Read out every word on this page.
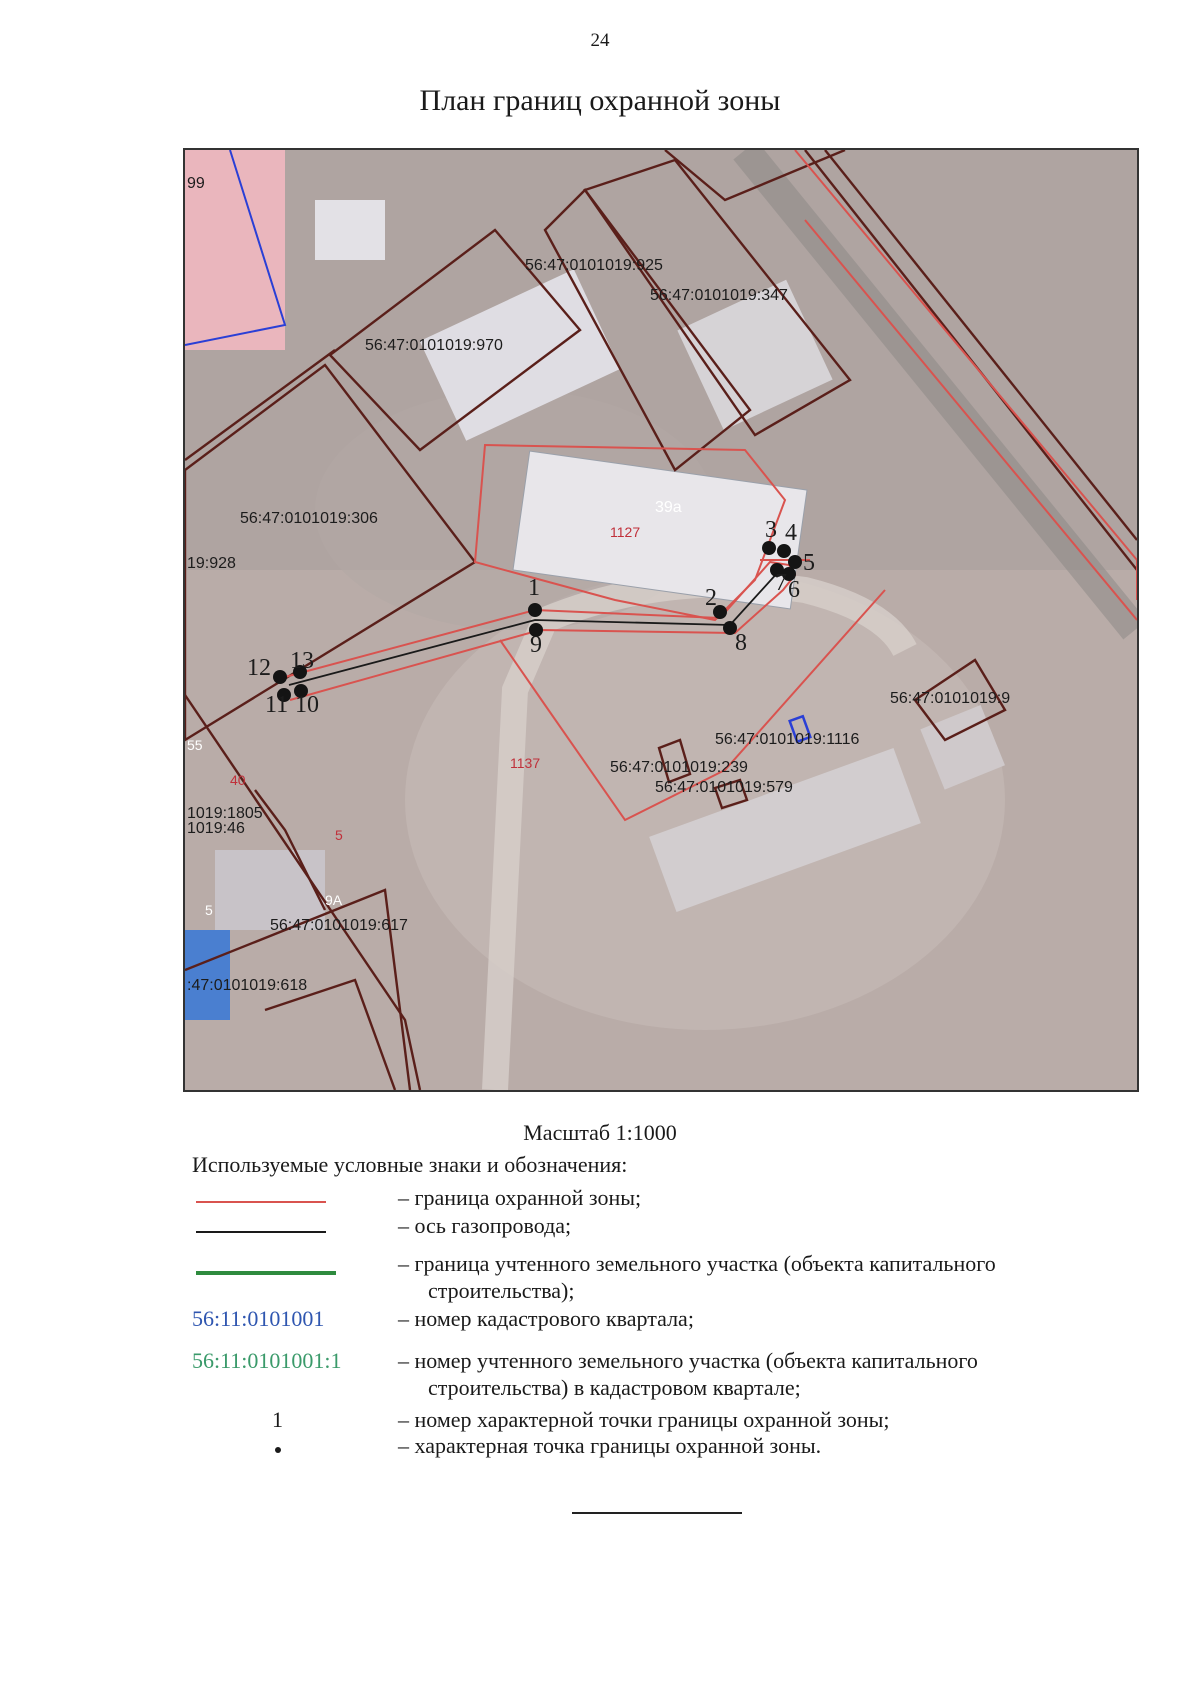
24
План границ охранной зоны
1	2
3 4
5
6
7
8
9
10
11
12 13
99
56:47:0101019:925
56:47:0101019:347
56:47:0101019:970
56:47:0101019:306
19:928
56:47:0101019:9
56:47:0101019:1116
56:47:0101019:239
56:47:0101019:579
1019:1805
1019:46
56:47:0101019:617
:47:0101019:618
39а
1127
1137
5
9А
5
40
55
Масштаб 1:1000
Используемые условные знаки и обозначения:
– граница охранной зоны;
– ось газопровода;
– граница учтенного земельного участка (объекта капитального
строительства);
56:11:0101001	– номер кадастрового квартала;
56:11:0101001:1	– номер учтенного земельного участка (объекта капитального
строительства) в кадастровом квартале;
1	– номер характерной точки границы охранной зоны;
– характерная точка границы охранной зоны.
